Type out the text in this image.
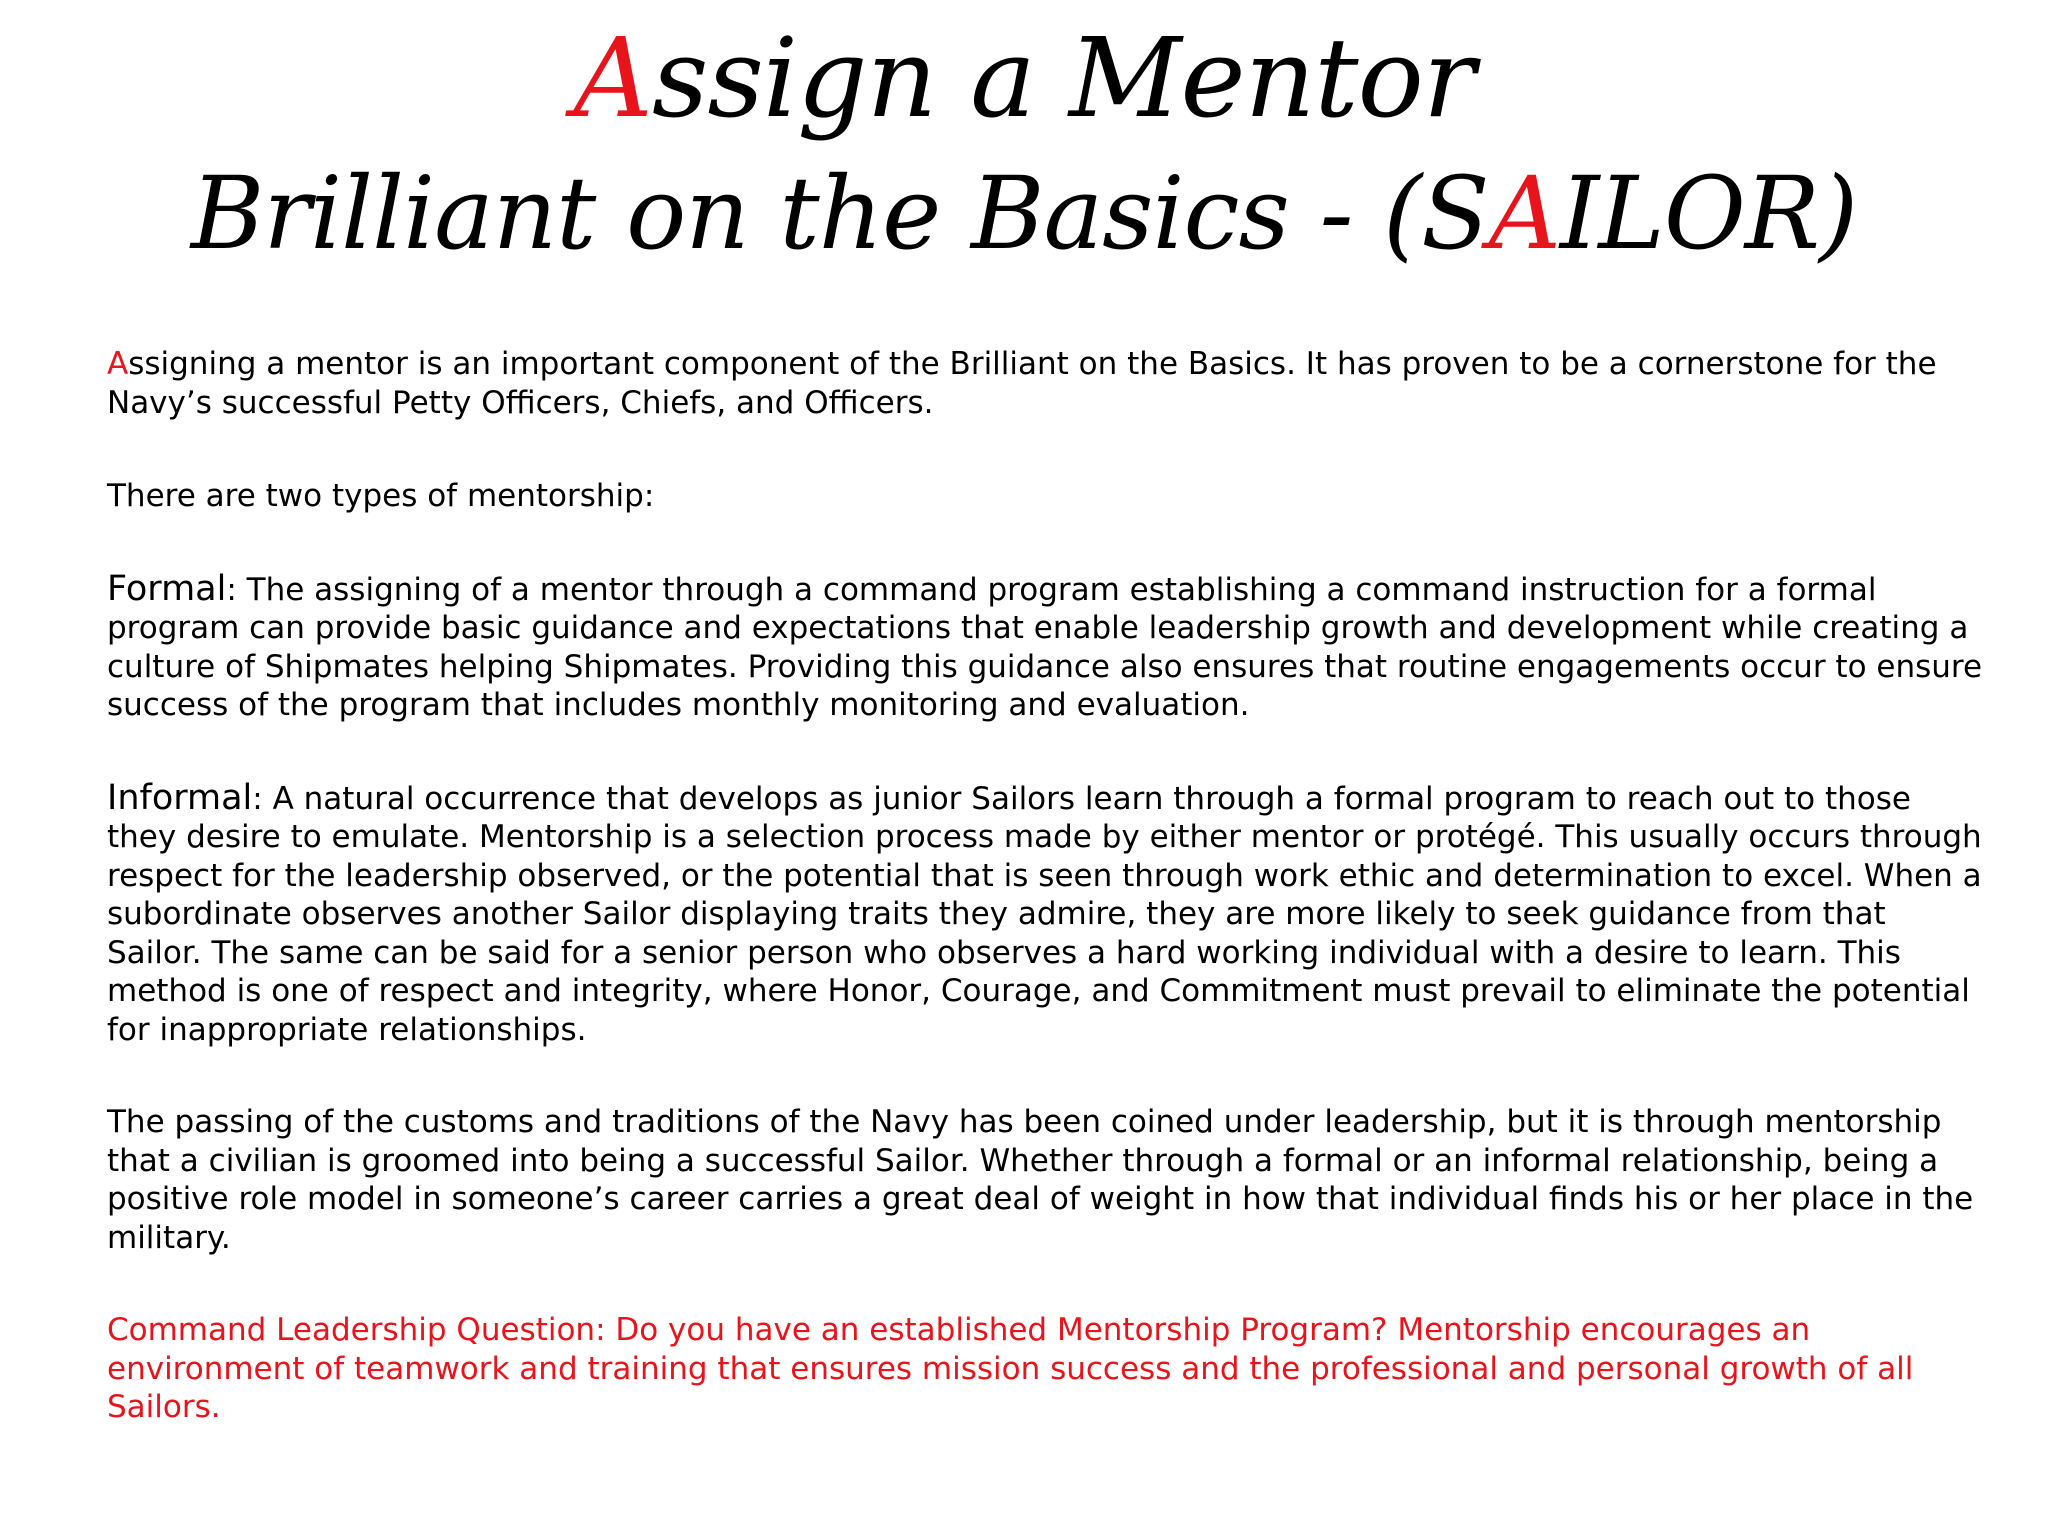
Assign a Mentor
Brilliant on the Basics - (SAILOR)

Assigning a mentor is an important component of the Brilliant on the Basics. It has proven to be a cornerstone for the Navy’s successful Petty Officers, Chiefs, and Officers.

There are two types of mentorship:

Formal: The assigning of a mentor through a command program establishing a command instruction for a formal program can provide basic guidance and expectations that enable leadership growth and development while creating a culture of Shipmates helping Shipmates. Providing this guidance also ensures that routine engagements occur to ensure success of the program that includes monthly monitoring and evaluation.

Informal: A natural occurrence that develops as junior Sailors learn through a formal program to reach out to those they desire to emulate. Mentorship is a selection process made by either mentor or protégé. This usually occurs through respect for the leadership observed, or the potential that is seen through work ethic and determination to excel. When a subordinate observes another Sailor displaying traits they admire, they are more likely to seek guidance from that Sailor. The same can be said for a senior person who observes a hard working individual with a desire to learn. This method is one of respect and integrity, where Honor, Courage, and Commitment must prevail to eliminate the potential for inappropriate relationships.

The passing of the customs and traditions of the Navy has been coined under leadership, but it is through mentorship that a civilian is groomed into being a successful Sailor. Whether through a formal or an informal relationship, being a positive role model in someone’s career carries a great deal of weight in how that individual finds his or her place in the military.

Command Leadership Question: Do you have an established Mentorship Program? Mentorship encourages an environment of teamwork and training that ensures mission success and the professional and personal growth of all Sailors.
